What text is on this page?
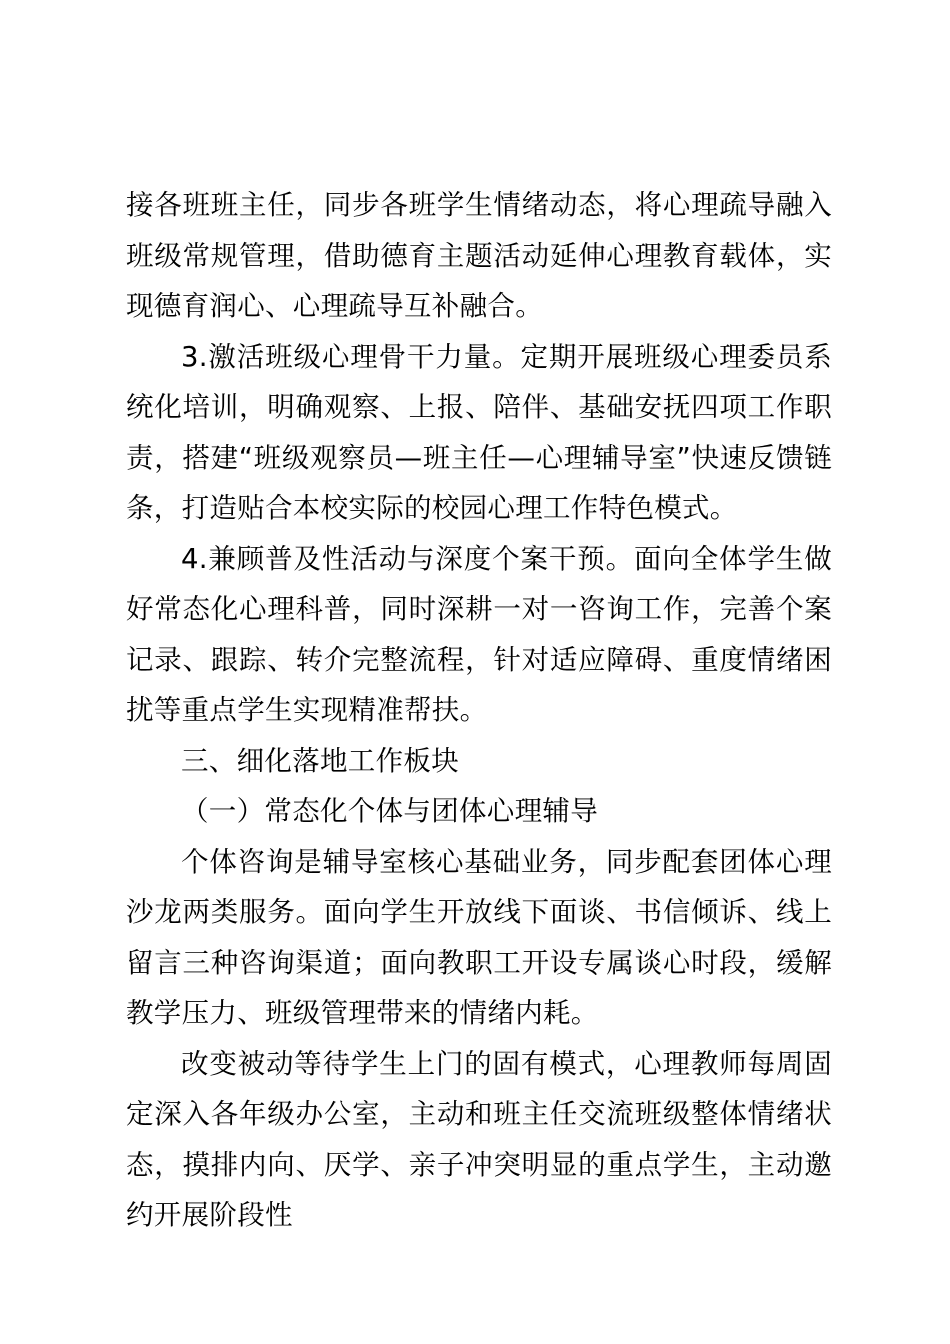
接各班班主任，同步各班学生情绪动态，将心理疏导融入班级常规管理，借助德育主题活动延伸心理教育载体，实现德育润心、心理疏导互补融合。

3.激活班级心理骨干力量。定期开展班级心理委员系统化培训，明确观察、上报、陪伴、基础安抚四项工作职责，搭建“班级观察员—班主任—心理辅导室”快速反馈链条，打造贴合本校实际的校园心理工作特色模式。

4.兼顾普及性活动与深度个案干预。面向全体学生做好常态化心理科普，同时深耕一对一咨询工作，完善个案记录、跟踪、转介完整流程，针对适应障碍、重度情绪困扰等重点学生实现精准帮扶。

三、细化落地工作板块

（一）常态化个体与团体心理辅导

个体咨询是辅导室核心基础业务，同步配套团体心理沙龙两类服务。面向学生开放线下面谈、书信倾诉、线上留言三种咨询渠道；面向教职工开设专属谈心时段，缓解教学压力、班级管理带来的情绪内耗。

改变被动等待学生上门的固有模式，心理教师每周固定深入各年级办公室，主动和班主任交流班级整体情绪状态，摸排内向、厌学、亲子冲突明显的重点学生，主动邀约开展阶段性
